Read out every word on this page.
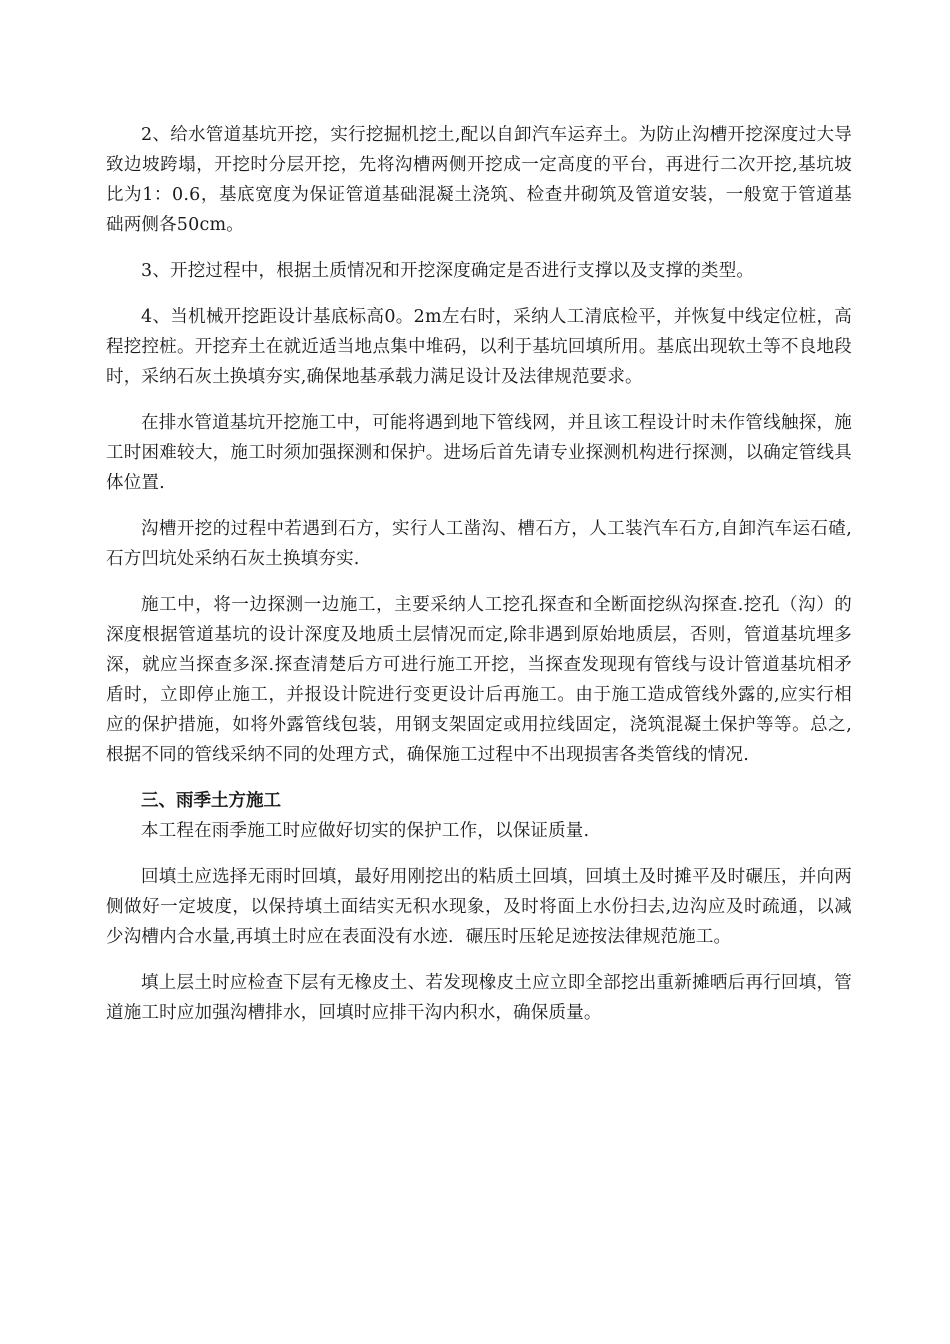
2、给水管道基坑开挖，实行挖掘机挖土,配以自卸汽车运弃土。为防止沟槽开挖深度过大导致边坡跨塌，开挖时分层开挖，先将沟槽两侧开挖成一定高度的平台，再进行二次开挖,基坑坡比为1：0.6，基底宽度为保证管道基础混凝土浇筑、检查井砌筑及管道安装，一般宽于管道基础两侧各50cm。

3、开挖过程中，根据土质情况和开挖深度确定是否进行支撑以及支撑的类型。

4、当机械开挖距设计基底标高0。2m左右时，采纳人工清底检平，并恢复中线定位桩，高程挖控桩。开挖弃土在就近适当地点集中堆码，以利于基坑回填所用。基底出现软土等不良地段时，采纳石灰土换填夯实,确保地基承载力满足设计及法律规范要求。

在排水管道基坑开挖施工中，可能将遇到地下管线网，并且该工程设计时未作管线触探，施工时困难较大，施工时须加强探测和保护。进场后首先请专业探测机构进行探测，以确定管线具体位置.

沟槽开挖的过程中若遇到石方，实行人工凿沟、槽石方，人工装汽车石方,自卸汽车运石碴,石方凹坑处采纳石灰土换填夯实.

施工中，将一边探测一边施工，主要采纳人工挖孔探查和全断面挖纵沟探查.挖孔（沟）的深度根据管道基坑的设计深度及地质土层情况而定,除非遇到原始地质层，否则，管道基坑埋多深，就应当探查多深.探查清楚后方可进行施工开挖，当探查发现现有管线与设计管道基坑相矛盾时，立即停止施工，并报设计院进行变更设计后再施工。由于施工造成管线外露的,应实行相应的保护措施，如将外露管线包装，用钢支架固定或用拉线固定，浇筑混凝土保护等等。总之,根据不同的管线采纳不同的处理方式，确保施工过程中不出现损害各类管线的情况.

三、雨季土方施工

本工程在雨季施工时应做好切实的保护工作，以保证质量.

回填土应选择无雨时回填，最好用刚挖出的粘质土回填，回填土及时摊平及时碾压，并向两侧做好一定坡度，以保持填土面结实无积水现象，及时将面上水份扫去,边沟应及时疏通，以减少沟槽内合水量,再填土时应在表面没有水迹．碾压时压轮足迹按法律规范施工。

填上层土时应检查下层有无橡皮土、若发现橡皮土应立即全部挖出重新摊晒后再行回填，管道施工时应加强沟槽排水，回填时应排干沟内积水，确保质量。
